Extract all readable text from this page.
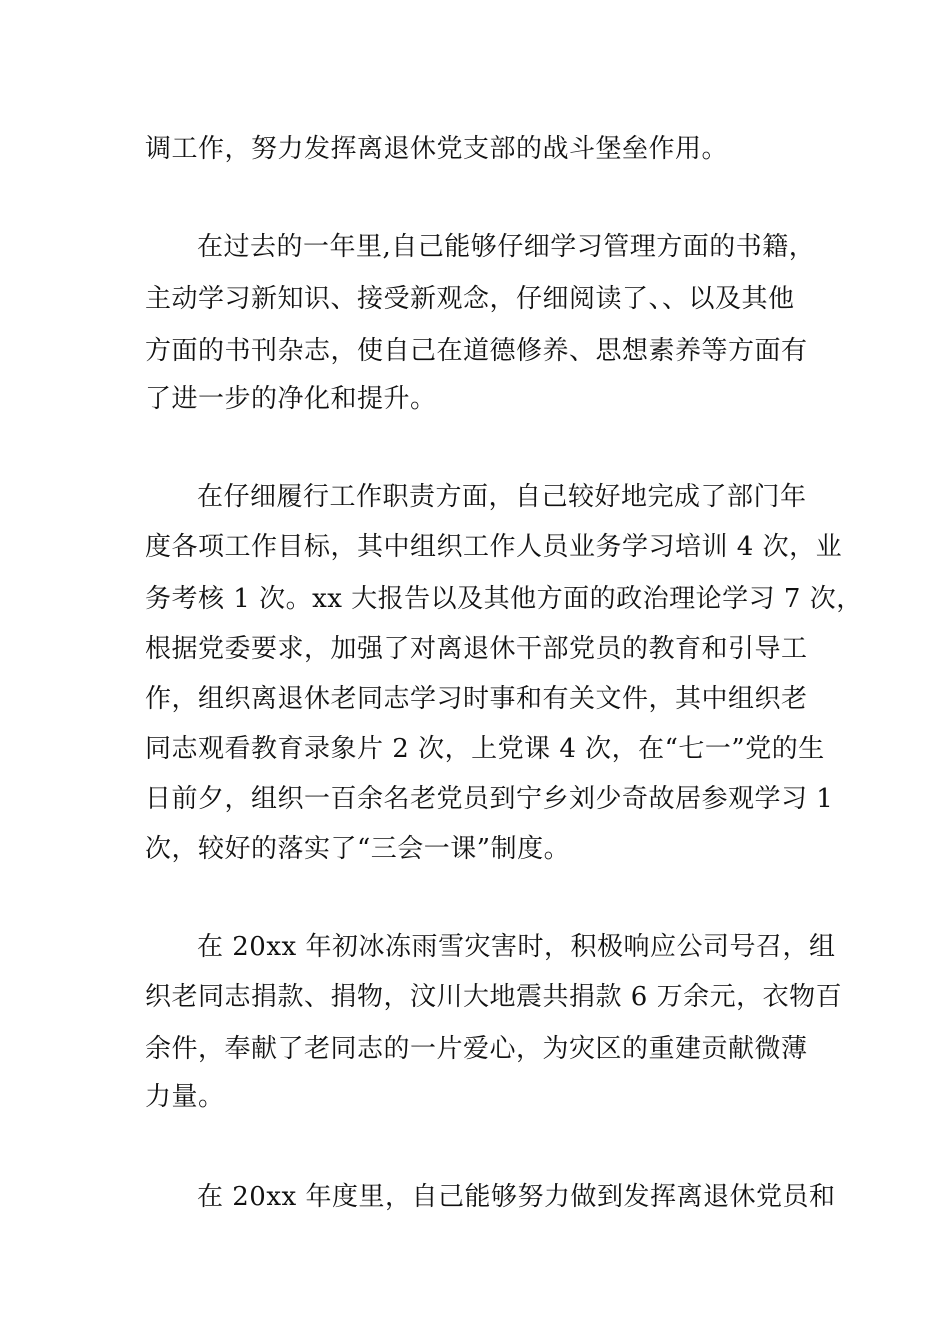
调工作，努力发挥离退休党支部的战斗堡垒作用。
在过去的一年里,自己能够仔细学习管理方面的书籍，
主动学习新知识、接受新观念，仔细阅读了、、以及其他
方面的书刊杂志，使自己在道德修养、思想素养等方面有
了进一步的净化和提升。
在仔细履行工作职责方面，自己较好地完成了部门年
度各项工作目标，其中组织工作人员业务学习培训 4 次，业
务考核 1 次。xx 大报告以及其他方面的政治理论学习 7 次，
根据党委要求，加强了对离退休干部党员的教育和引导工
作，组织离退休老同志学习时事和有关文件，其中组织老
同志观看教育录象片 2 次，上党课 4 次，在“七一”党的生
日前夕，组织一百余名老党员到宁乡刘少奇故居参观学习 1
次，较好的落实了“三会一课”制度。
在 20xx 年初冰冻雨雪灾害时，积极响应公司号召，组
织老同志捐款、捐物，汶川大地震共捐款 6 万余元，衣物百
余件，奉献了老同志的一片爱心，为灾区的重建贡献微薄
力量。
在 20xx 年度里，自己能够努力做到发挥离退休党员和
